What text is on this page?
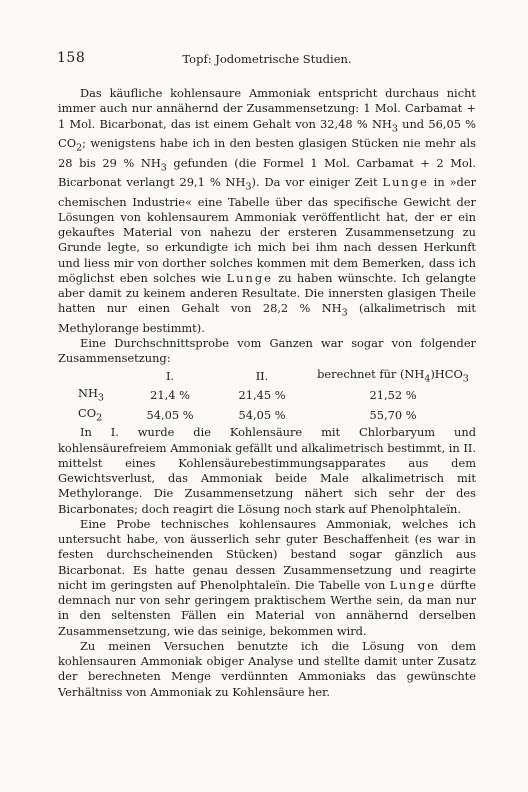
158	Topf: Jodometrische Studien.

Das käufliche kohlensaure Ammoniak entspricht durchaus nicht immer auch nur annähernd der Zusammensetzung: 1 Mol. Carbamat + 1 Mol. Bicarbonat, das ist einem Gehalt von 32,48 % $NH_3$ und 56,05 % $CO_2$; wenigstens habe ich in den besten glasigen Stücken nie mehr als 28 bis 29 % $NH_3$ gefunden (die Formel 1 Mol. Carbamat + 2 Mol. Bicarbonat verlangt 29,1 % $NH_3$). Da vor einiger Zeit Lunge in »der chemischen Industrie« eine Tabelle über das specifische Gewicht der Lösungen von kohlensaurem Ammoniak veröffentlicht hat, der er ein gekauftes Material von nahezu der ersteren Zusammensetzung zu Grunde legte, so erkundigte ich mich bei ihm nach dessen Herkunft und liess mir von dorther solches kommen mit dem Bemerken, dass ich möglichst eben solches wie Lunge zu haben wünschte. Ich gelangte aber damit zu keinem anderen Resultate. Die innersten glasigen Theile hatten nur einen Gehalt von 28,2 % $NH_3$ (alkalimetrisch mit Methylorange bestimmt).

Eine Durchschnittsprobe vom Ganzen war sogar von folgender Zusammensetzung:

	I.	II.	berechnet für $(NH_4)HCO_3$
$NH_3$	21,4 %	21,45 %	21,52 %
$CO_2$	54,05 %	54,05 %	55,70 %

In I. wurde die Kohlensäure mit Chlorbaryum und kohlensäurefreiem Ammoniak gefällt und alkalimetrisch bestimmt, in II. mittelst eines Kohlensäurebestimmungsapparates aus dem Gewichtsverlust, das Ammoniak beide Male alkalimetrisch mit Methylorange. Die Zusammensetzung nähert sich sehr der des Bicarbonates; doch reagirt die Lösung noch stark auf Phenolphtaleïn.

Eine Probe technisches kohlensaures Ammoniak, welches ich untersucht habe, von äusserlich sehr guter Beschaffenheit (es war in festen durchscheinenden Stücken) bestand sogar gänzlich aus Bicarbonat. Es hatte genau dessen Zusammensetzung und reagirte nicht im geringsten auf Phenolphtaleïn. Die Tabelle von Lunge dürfte demnach nur von sehr geringem praktischem Werthe sein, da man nur in den seltensten Fällen ein Material von annähernd derselben Zusammensetzung, wie das seinige, bekommen wird.

Zu meinen Versuchen benutzte ich die Lösung von dem kohlensauren Ammoniak obiger Analyse und stellte damit unter Zusatz der berechneten Menge verdünnten Ammoniaks das gewünschte Verhältniss von Ammoniak zu Kohlensäure her.
